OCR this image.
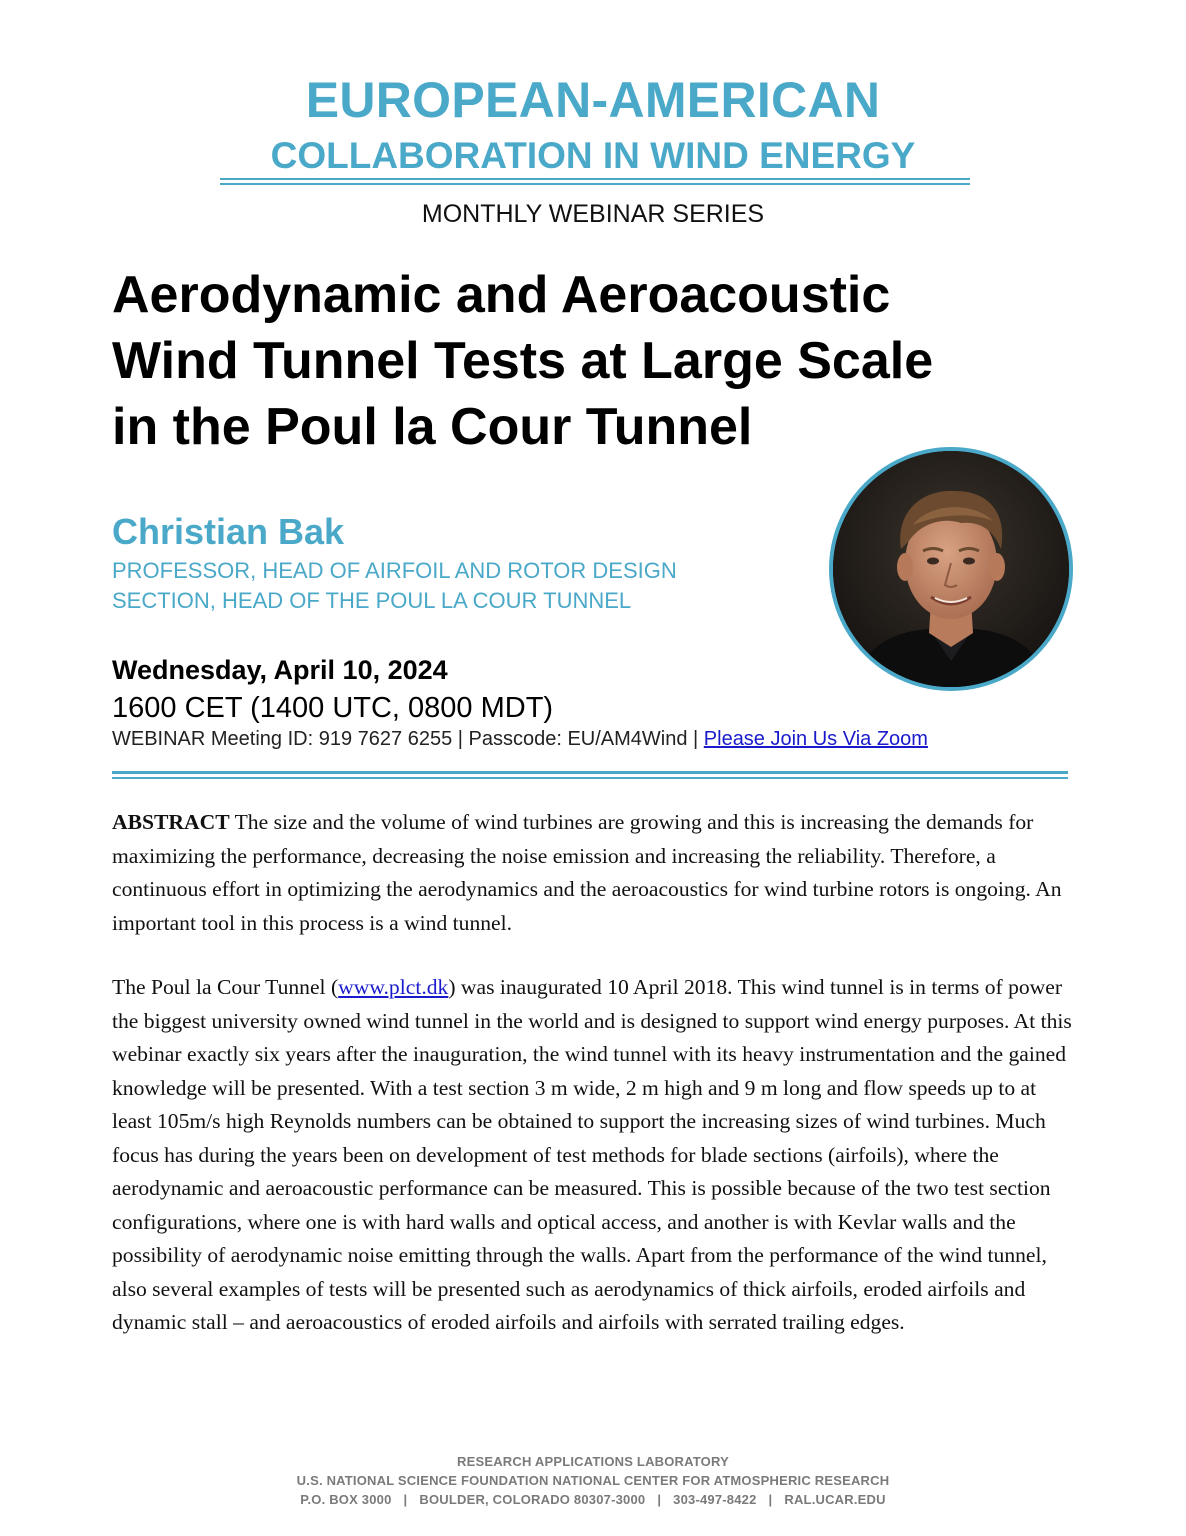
EUROPEAN-AMERICAN
COLLABORATION IN WIND ENERGY
MONTHLY WEBINAR SERIES
Aerodynamic and Aeroacoustic
Wind Tunnel Tests at Large Scale
in the Poul la Cour Tunnel
Christian Bak
PROFESSOR, HEAD OF AIRFOIL AND ROTOR DESIGN
SECTION, HEAD OF THE POUL LA COUR TUNNEL
Wednesday, April 10, 2024
1600 CET (1400 UTC, 0800 MDT)
WEBINAR Meeting ID: 919 7627 6255 | Passcode: EU/AM4Wind | Please Join Us Via Zoom
ABSTRACT The size and the volume of wind turbines are growing and this is increasing the demands for maximizing the performance, decreasing the noise emission and increasing the reliability. Therefore, a continuous effort in optimizing the aerodynamics and the aeroacoustics for wind turbine rotors is ongoing. An important tool in this process is a wind tunnel.
The Poul la Cour Tunnel (www.plct.dk) was inaugurated 10 April 2018. This wind tunnel is in terms of power the biggest university owned wind tunnel in the world and is designed to support wind energy purposes. At this webinar exactly six years after the inauguration, the wind tunnel with its heavy instrumentation and the gained knowledge will be presented. With a test section 3 m wide, 2 m high and 9 m long and flow speeds up to at least 105m/s high Reynolds numbers can be obtained to support the increasing sizes of wind turbines. Much focus has during the years been on development of test methods for blade sections (airfoils), where the aerodynamic and aeroacoustic performance can be measured. This is possible because of the two test section configurations, where one is with hard walls and optical access, and another is with Kevlar walls and the possibility of aerodynamic noise emitting through the walls. Apart from the performance of the wind tunnel, also several examples of tests will be presented such as aerodynamics of thick airfoils, eroded airfoils and dynamic stall – and aeroacoustics of eroded airfoils and airfoils with serrated trailing edges.
RESEARCH APPLICATIONS LABORATORY
U.S. NATIONAL SCIENCE FOUNDATION NATIONAL CENTER FOR ATMOSPHERIC RESEARCH
P.O. BOX 3000 | BOULDER, COLORADO 80307-3000 | 303-497-8422 | RAL.UCAR.EDU
